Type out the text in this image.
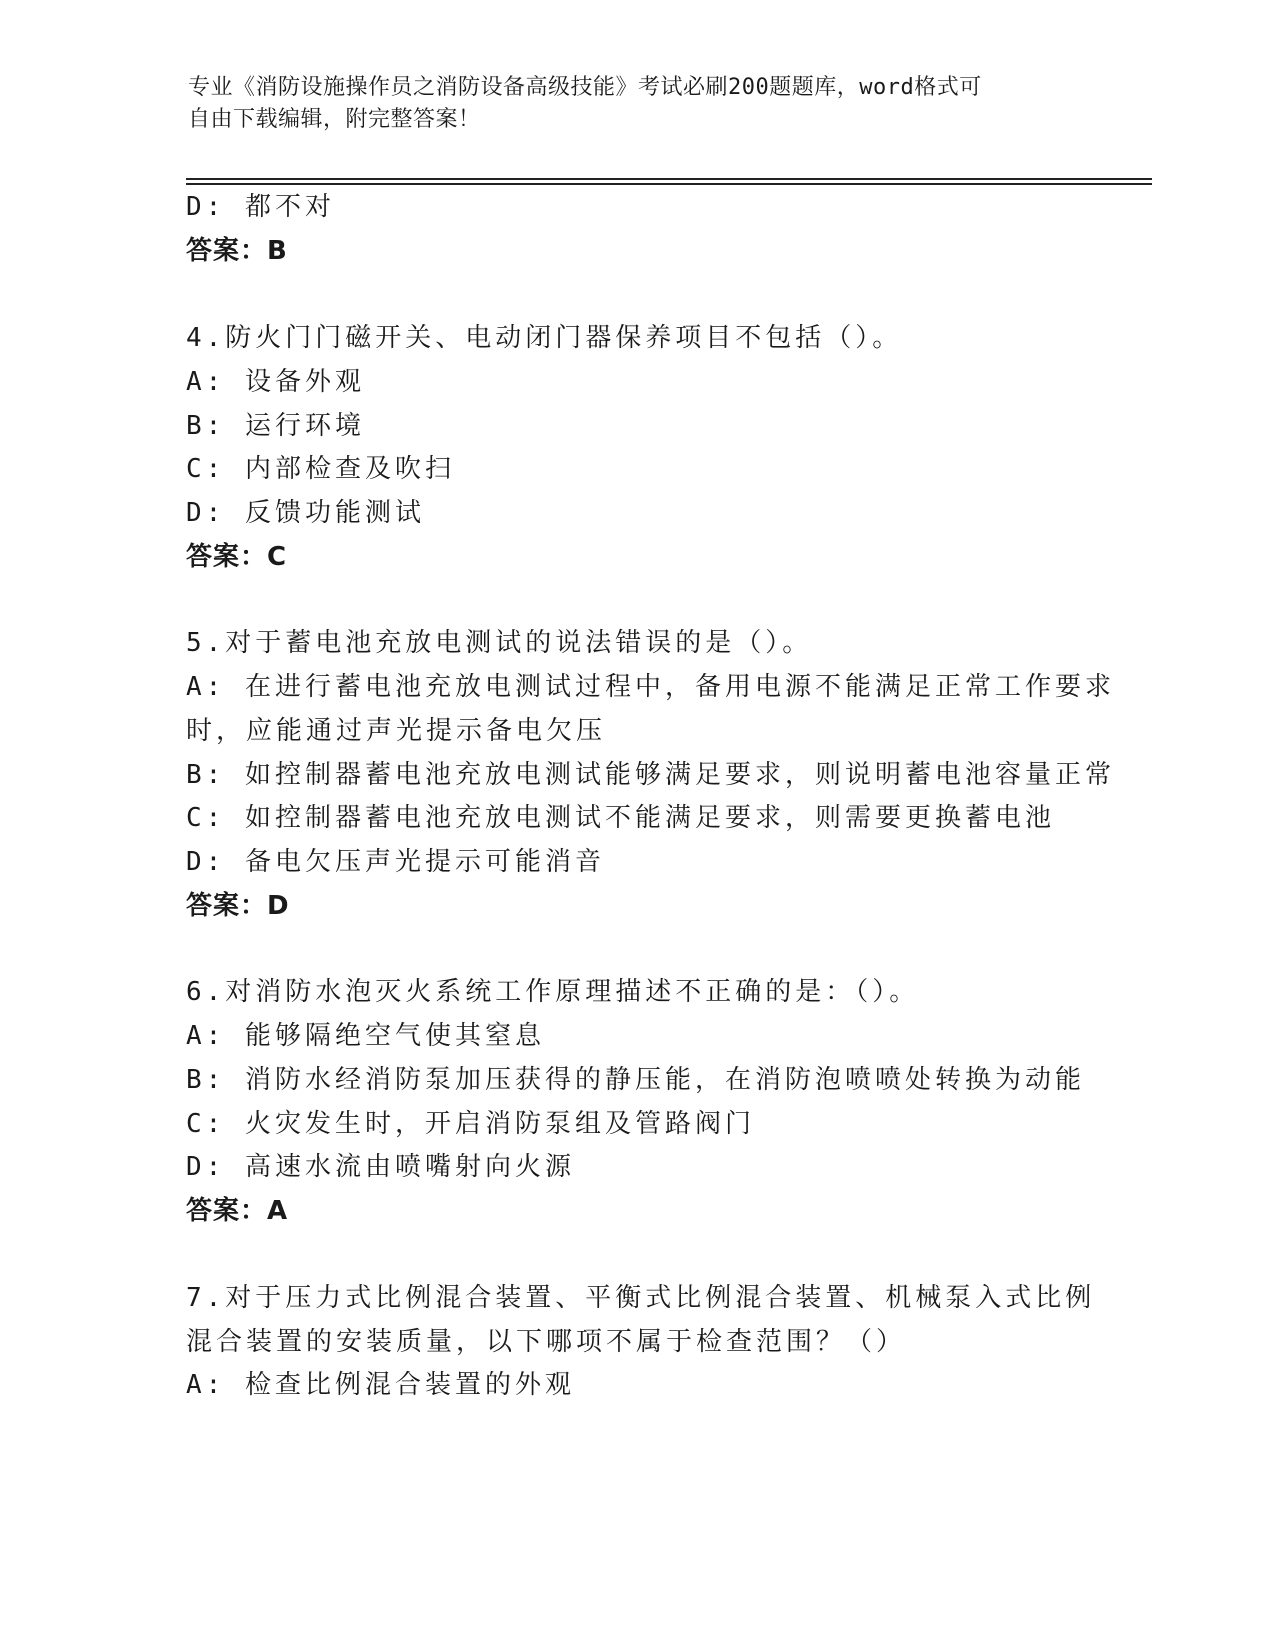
专业《消防设施操作员之消防设备高级技能》考试必刷200题题库，word格式可
自由下载编辑，附完整答案！
D: 都不对
答案：B
4.防火门门磁开关、电动闭门器保养项目不包括（）。
A: 设备外观
B: 运行环境
C: 内部检查及吹扫
D: 反馈功能测试
答案：C
5.对于蓄电池充放电测试的说法错误的是（）。
A: 在进行蓄电池充放电测试过程中，备用电源不能满足正常工作要求
时，应能通过声光提示备电欠压
B: 如控制器蓄电池充放电测试能够满足要求，则说明蓄电池容量正常
C: 如控制器蓄电池充放电测试不能满足要求，则需要更换蓄电池
D: 备电欠压声光提示可能消音
答案：D
6.对消防水泡灭火系统工作原理描述不正确的是：（）。
A: 能够隔绝空气使其窒息
B: 消防水经消防泵加压获得的静压能，在消防泡喷喷处转换为动能
C: 火灾发生时，开启消防泵组及管路阀门
D: 高速水流由喷嘴射向火源
答案：A
7.对于压力式比例混合装置、平衡式比例混合装置、机械泵入式比例
混合装置的安装质量，以下哪项不属于检查范围？（）
A: 检查比例混合装置的外观
